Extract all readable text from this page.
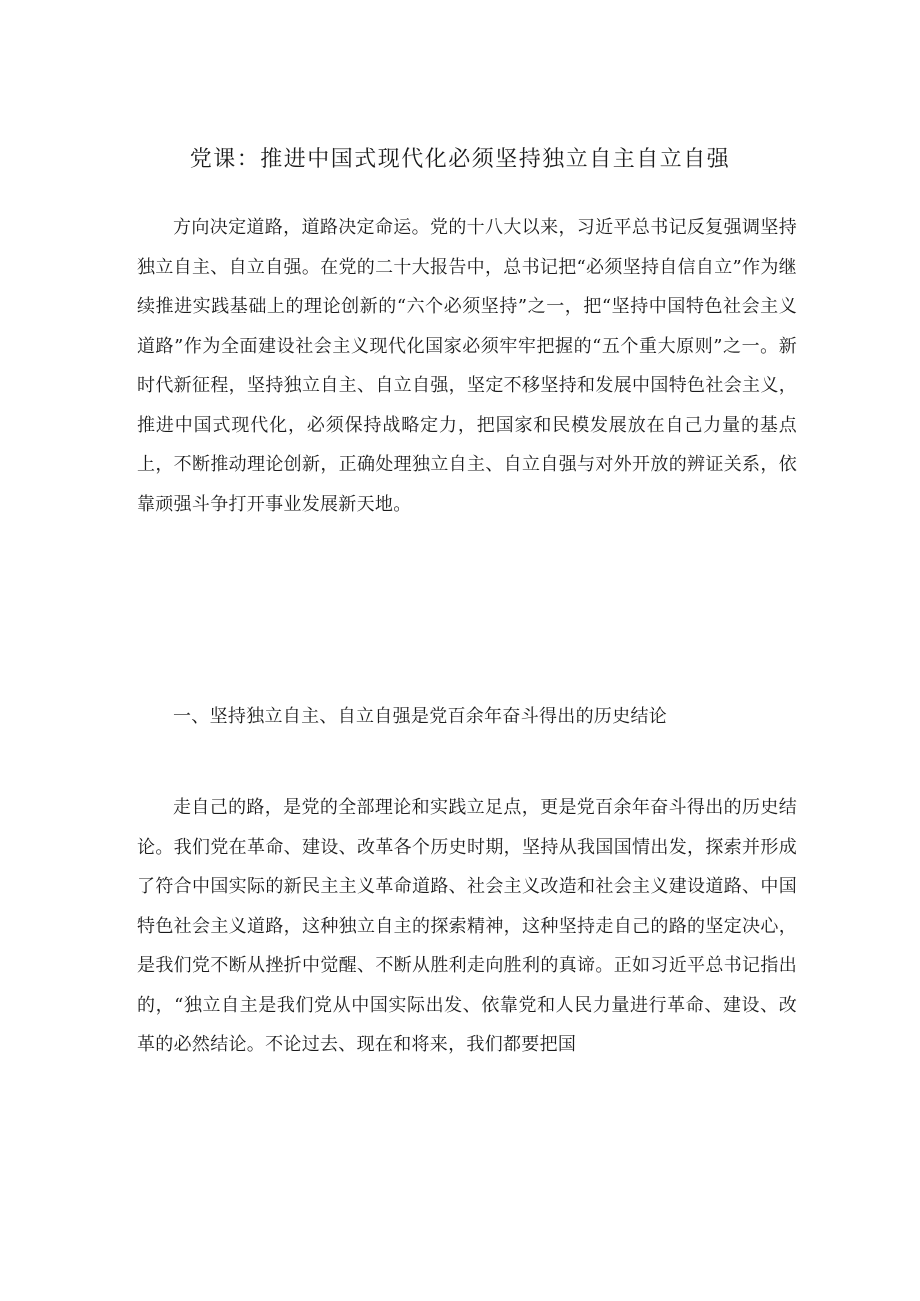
党课：推进中国式现代化必须坚持独立自主自立自强

方向决定道路，道路决定命运。党的十八大以来，习近平总书记反复强调坚持独立自主、自立自强。在党的二十大报告中，总书记把“必须坚持自信自立”作为继续推进实践基础上的理论创新的“六个必须坚持”之一，把“坚持中国特色社会主义道路”作为全面建设社会主义现代化国家必须牢牢把握的“五个重大原则”之一。新时代新征程，坚持独立自主、自立自强，坚定不移坚持和发展中国特色社会主义，推进中国式现代化，必须保持战略定力，把国家和民模发展放在自己力量的基点上，不断推动理论创新，正确处理独立自主、自立自强与对外开放的辨证关系，依靠顽强斗争打开事业发展新天地。

一、坚持独立自主、自立自强是党百余年奋斗得出的历史结论

走自己的路，是党的全部理论和实践立足点，更是党百余年奋斗得出的历史结论。我们党在革命、建设、改革各个历史时期，坚持从我国国情出发，探索并形成了符合中国实际的新民主主义革命道路、社会主义改造和社会主义建设道路、中国特色社会主义道路，这种独立自主的探索精神，这种坚持走自己的路的坚定决心，是我们党不断从挫折中觉醒、不断从胜利走向胜利的真谛。正如习近平总书记指出的，“独立自主是我们党从中国实际出发、依靠党和人民力量进行革命、建设、改革的必然结论。不论过去、现在和将来，我们都要把国
